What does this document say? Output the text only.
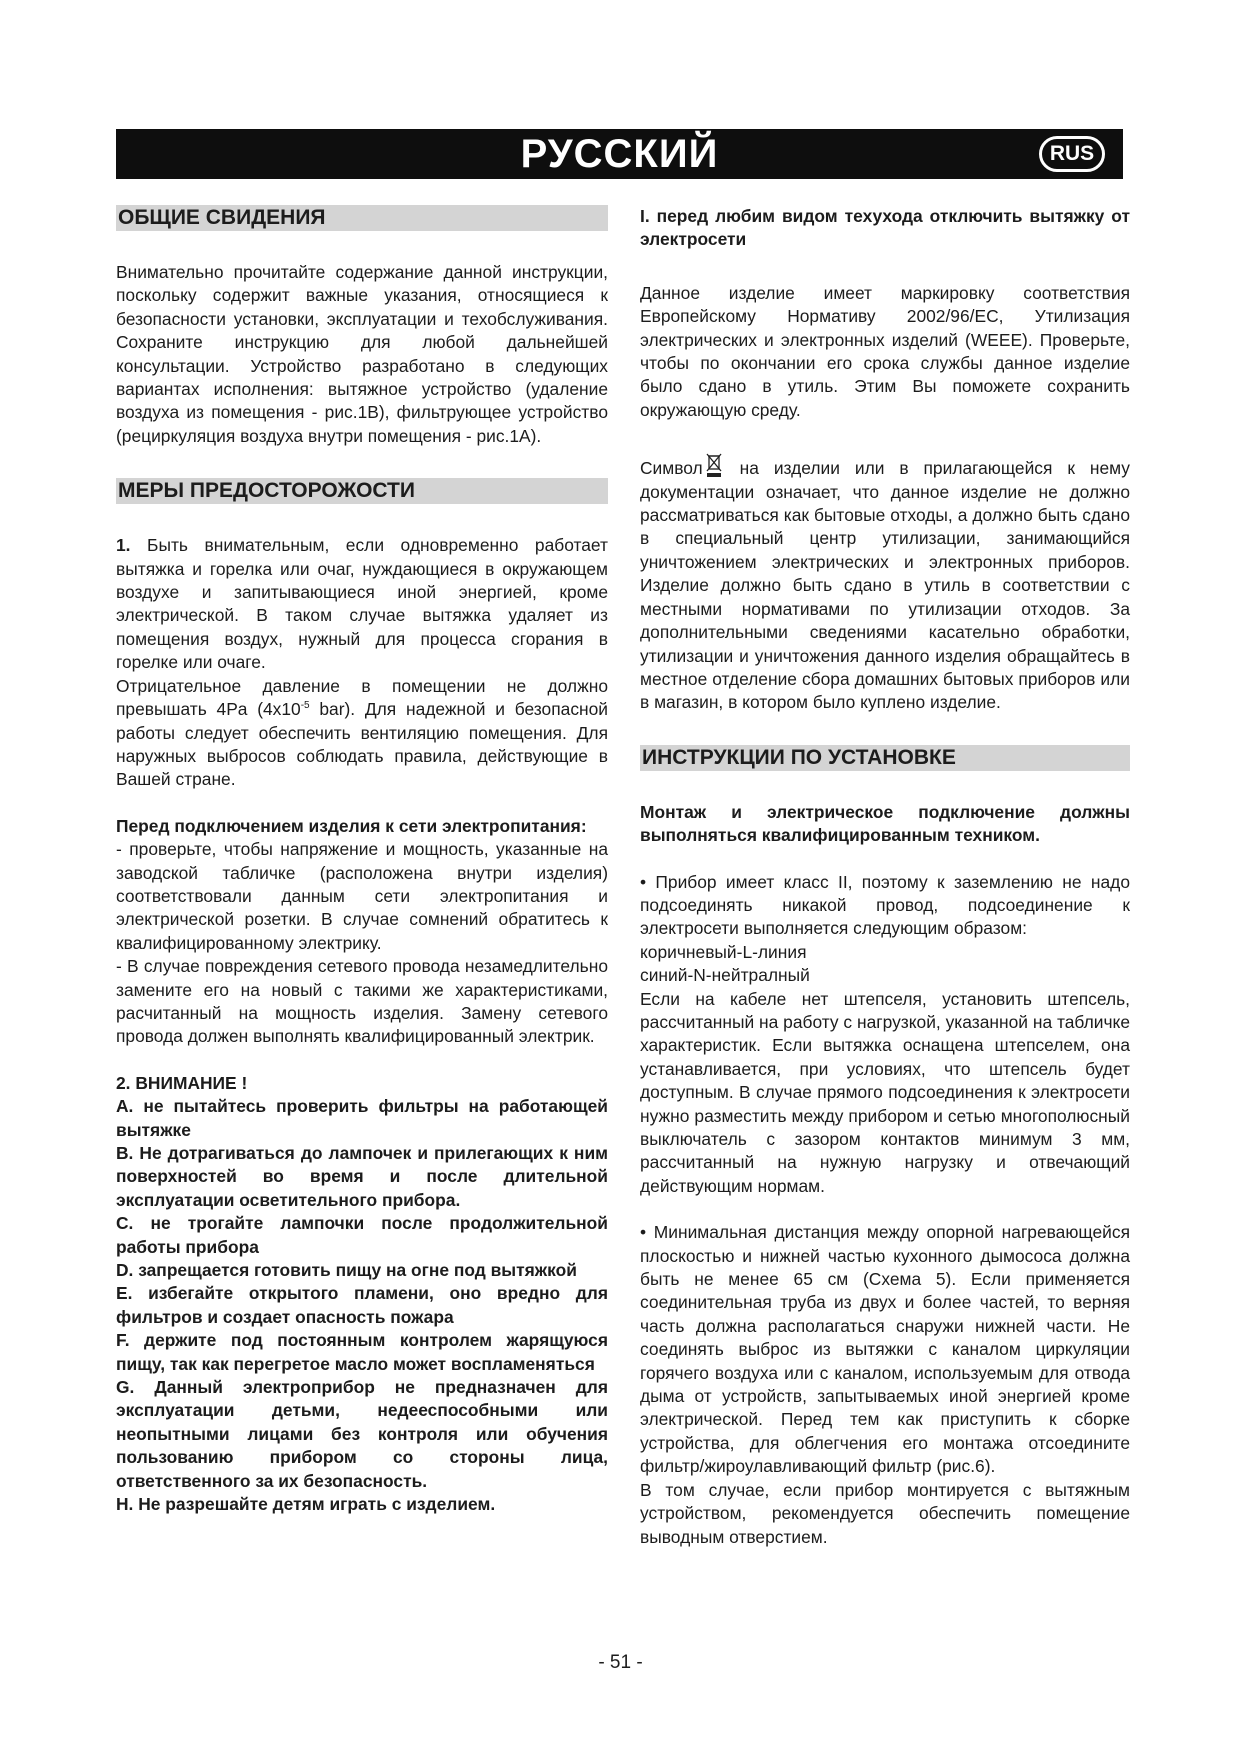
РУССКИЙ	RUS
ОБЩИЕ СВИДЕНИЯ

Внимательно прочитайте содержание данной инструкции, поскольку содержит важные указания, относящиеся к безопасности установки, эксплуатации и техобслуживания. Сохраните инструкцию для любой дальнейшей консультации. Устройство разработано в следующих вариантах исполнения: вытяжное устройство (удаление воздуха из помещения - рис.1B), фильтрующее устройство (рециркуляция воздуха внутри помещения - рис.1A).

МЕРЫ ПРЕДОСТОРОЖОСТИ

1. Быть внимательным, если одновременно работает вытяжка и горелка или очаг, нуждающиеся в окружающем воздухе и запитывающиеся иной энергией, кроме электрической. В таком случае вытяжка удаляет из помещения воздух, нужный для процесса сгорания в горелке или очаге.

Отрицательное давление в помещении не должно превышать 4Pa ($4x10^{-5}$ bar). Для надежной и безопасной работы следует обеспечить вентиляцию помещения. Для наружных выбросов соблюдать правила, действующие в Вашей стране.

Перед подключением изделия к сети электропитания:

- проверьте, чтобы напряжение и мощность, указанные на заводской табличке (расположена внутри изделия) соответствовали данным сети электропитания и электрической розетки. В случае сомнений обратитесь к квалифицированному электрику.

- В случае повреждения сетевого провода незамедлительно замените его на новый с такими же характеристиками, расчитанный на мощность изделия. Замену сетевого провода должен выполнять квалифицированный электрик.

2. ВНИМАНИЕ !

A. не пытайтесь проверить фильтры на работающей вытяжке

B. Не дотрагиваться до лампочек и прилегающих к ним поверхностей во время и после длительной эксплуатации осветительного прибора.

C. не трогайте лампочки после продолжительной работы прибора

D. запрещается готовить пищу на огне под вытяжкой

E. избегайте открытого пламени, оно вредно для фильтров и создает опасность пожара

F. держите под постоянным контролем жарящуюся пищу, так как перегретое масло может воспламеняться

G. Данный электроприбор не предназначен для эксплуатации детьми, недееспособными или неопытными лицами без контроля или обучения пользованию прибором со стороны лица, ответственного за их безопасность.

H. Не разрешайте детям играть с изделием.

I. перед любим видом техухода отключить вытяжку от электросети

Данное изделие имеет маркировку соответствия Европейскому Нормативу 2002/96/EC, Утилизация электрических и электронных изделий (WEEE). Проверьте, чтобы по окончании его срока службы данное изделие было сдано в утиль. Этим Вы поможете сохранить окружающую среду.

Символ на изделии или в прилагающейся к нему документации означает, что данное изделие не должно рассматриваться как бытовые отходы, а должно быть сдано в специальный центр утилизации, занимающийся уничтожением электрических и электронных приборов. Изделие должно быть сдано в утиль в соответствии с местными нормативами по утилизации отходов. За дополнительными сведениями касательно обработки, утилизации и уничтожения данного изделия обращайтесь в местное отделение сбора домашних бытовых приборов или в магазин, в котором было куплено изделие.

ИНСТРУКЦИИ ПО УСТАНОВКЕ

Монтаж и электрическое подключение должны выполняться квалифицированным техником.

• Прибор имеет класс II, поэтому к заземлению не надо подсоединять никакой провод, подсоединение к электросети выполняется следующим образом:

коричневый-L-линия

синий-N-нейтралный

Если на кабеле нет штепселя, установить штепсель, рассчитанный на работу с нагрузкой, указанной на табличке характеристик. Если вытяжка оснащена штепселем, она устанавливается, при условиях, что штепсель будет доступным. В случае прямого подсоединения к электросети нужно разместить между прибором и сетью многополюсный выключатель с зазором контактов минимум 3 мм, рассчитанный на нужную нагрузку и отвечающий действующим нормам.

• Минимальная дистанция между опорной нагревающейся плоскостью и нижней частью кухонного дымососа должна быть не менее 65 см (Схема 5). Если применяется соединительная труба из двух и более частей, то верняя часть должна располагаться снаружи нижней части. Не соединять выброс из вытяжки с каналом циркуляции горячего воздуха или с каналом, используемым для отвода дыма от устройств, запытываемых иной энергией кроме электрической. Перед тем как приступить к сборке устройства, для облегчения его монтажа отсоедините фильтр/жироулавливающий фильтр (рис.6).

В том случае, если прибор монтируется с вытяжным устройством, рекомендуется обеспечить помещение выводным отверстием.

- 51 -
